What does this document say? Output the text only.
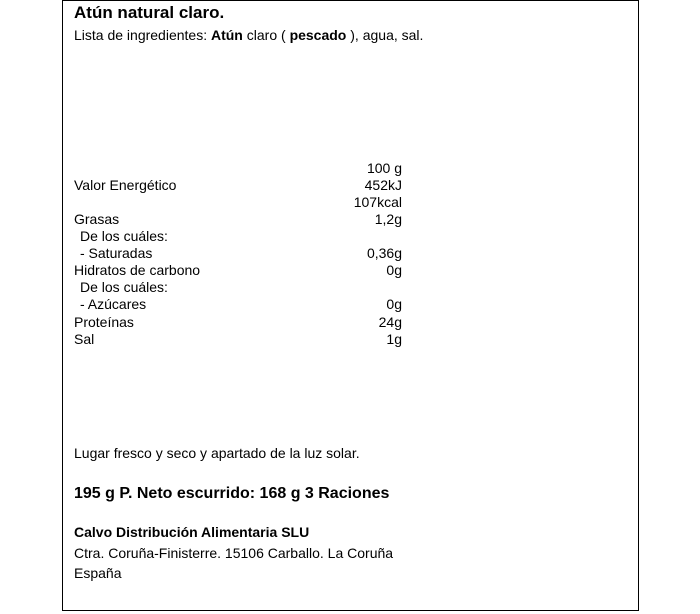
Atún natural claro.
Lista de ingredientes: Atún claro ( pescado ), agua, sal.
100 g
Valor Energético	452kJ
107kcal
Grasas	1,2g
De los cuáles:
- Saturadas	0,36g
Hidratos de carbono	0g
De los cuáles:
- Azúcares	0g
Proteínas	24g
Sal	1g
Lugar fresco y seco y apartado de la luz solar.
195 g P. Neto escurrido: 168 g 3 Raciones
Calvo Distribución Alimentaria SLU
Ctra. Coruña-Finisterre. 15106 Carballo. La Coruña
España
